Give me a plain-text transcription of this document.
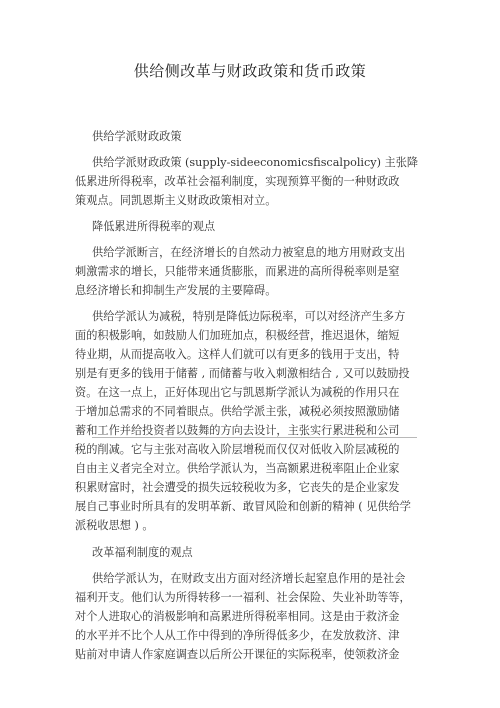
供给侧改革与财政政策和货币政策
供给学派财政政策
供给学派财政政策 (supply-sideeconomicsfiscalpolicy) 主张降
低累进所得税率，改革社会福利制度，实现预算平衡的一种财政政
策观点。同凯恩斯主义财政政策相对立。
降低累进所得税率的观点
供给学派断言，在经济增长的自然动力被窒息的地方用财政支出
刺激需求的增长，只能带来通货膨胀，而累进的高所得税率则是窒
息经济增长和抑制生产发展的主要障碍。
供给学派认为减税，特别是降低边际税率，可以对经济产生多方
面的积极影响，如鼓励人们加班加点，积极经营，推迟退休，缩短
待业期，从而提高收入。这样人们就可以有更多的钱用于支出，特
别是有更多的钱用于储蓄 , 而储蓄与收入刺激相结合 , 又可以鼓励投
资。在这一点上，正好体现出它与凯恩斯学派认为减税的作用只在
于增加总需求的不同着眼点。供给学派主张，减税必须按照激励储
蓄和工作并给投资者以鼓舞的方向去设计，主张实行累进税和公司
税的削减。它与主张对高收入阶层增税而仅仅对低收入阶层减税的
自由主义者完全对立。供给学派认为，当高额累进税率阻止企业家
积累财富时，社会遭受的损失远较税收为多，它丧失的是企业家发
展自己事业时所具有的发明革新、敢冒风险和创新的精神 ( 见供给学
派税收思想 ) 。
改革福利制度的观点
供给学派认为，在财政支出方面对经济增长起窒息作用的是社会
福利开支。他们认为所得转移一一福利、社会保险、失业补助等等，
对个人进取心的消极影响和高累进所得税率相同。这是由于救济金
的水平并不比个人从工作中得到的净所得低多少，在发放救济、津
贴前对申请人作家庭调查以后所公开课征的实际税率，使领救济金
